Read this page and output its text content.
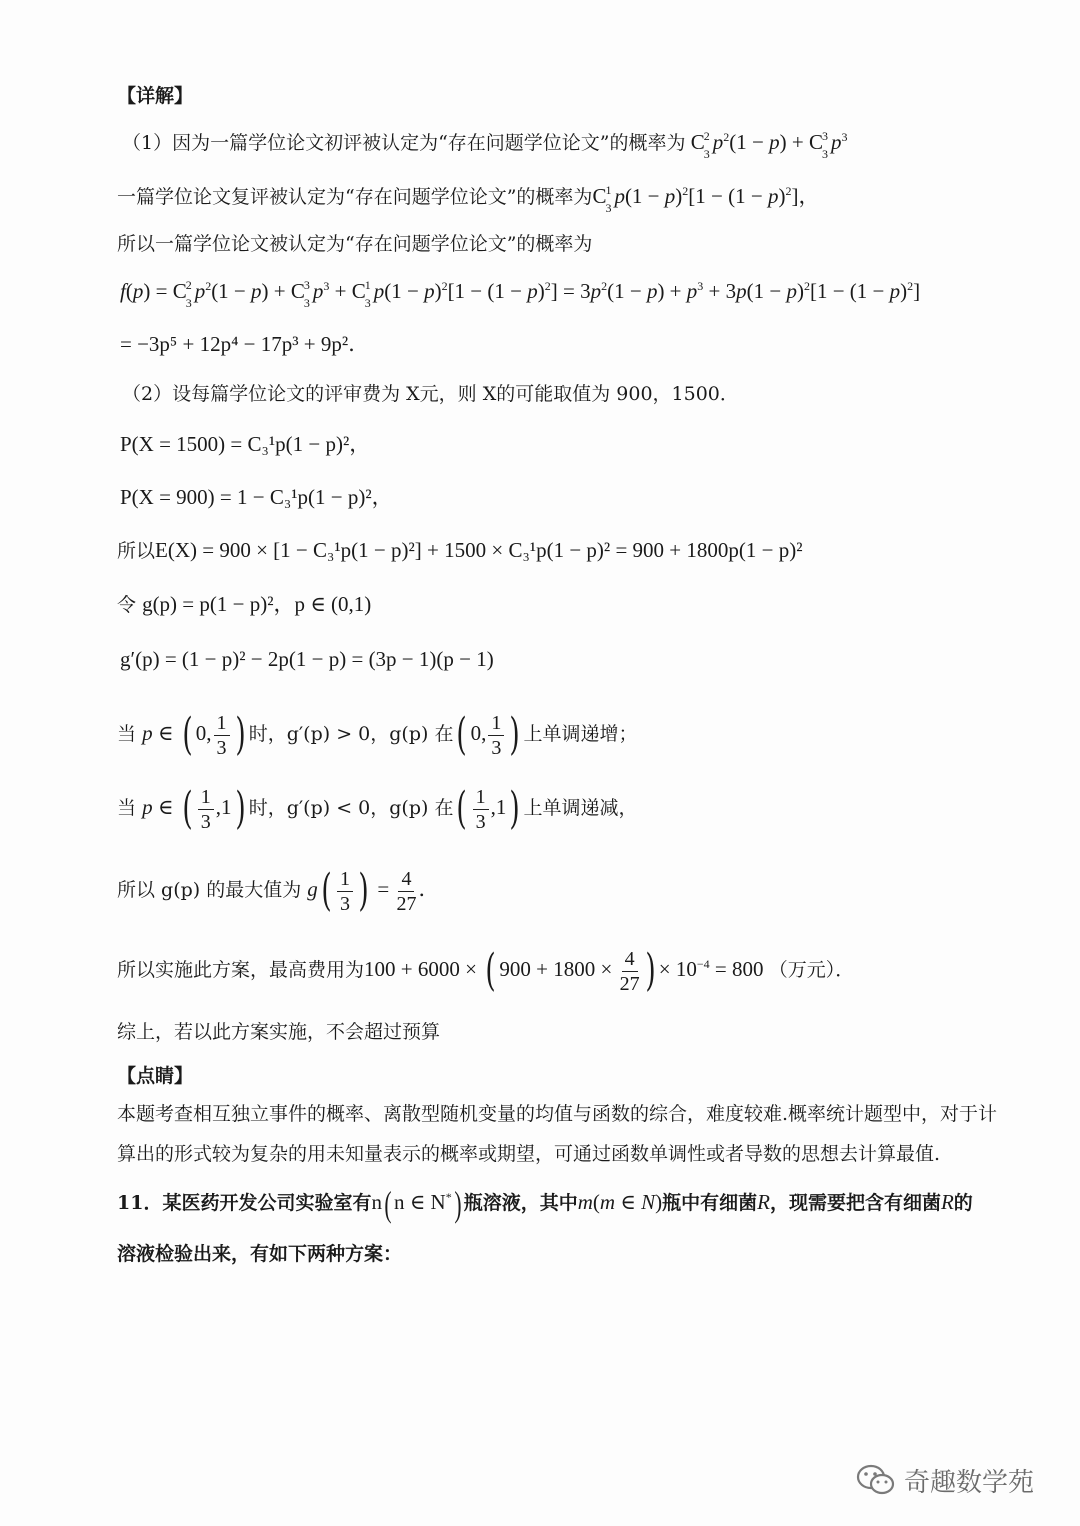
【详解】
（1）因为一篇学位论文初评被认定为“存在问题学位论文”的概率为 C
2
3 $p^2(1 - p) + C$
3
3 $p^3$
一篇学位论文复评被认定为“存在问题学位论文”的概率为 C
1
3 $p(1 - p)^2[1 - (1 - p)^2]$，
所以一篇学位论文被认定为“存在问题学位论文”的概率为
f(p) = C
2
3 $p^2(1 - p) + C$
3
3 $p^3 + C$
1
3 $p(1 - p)^2[1 - (1 - p)^2] = 3p^2(1 - p) + p^3 + 3p(1 - p)^2[1 - (1 - p)^2]$
= −3p⁵ + 12p⁴ − 17p³ + 9p²．
（2）设每篇学位论文的评审费为 X元，则 X的可能取值为 900，1500．
P(X = 1500) = C₃¹p(1 − p)²，
P(X = 900) = 1 − C₃¹p(1 − p)²，
所以E(X) = 900 × [1 − C₃¹p(1 − p)²] + 1500 × C₃¹p(1 − p)² = 900 + 1800p(1 − p)²
令 g(p) = p(1 − p)²，p ∈ (0,1)
g′(p) = (1 − p)² − 2p(1 − p) = (3p − 1)(p − 1)
当 p ∈ ( 0, $\frac{1}{3}$ ) 时，g′(p) > 0，g(p) 在( 0, $\frac{1}{3}$ ) 上单调递增；
当 p ∈ ( $\frac{1}{3} ,1$) 时，g′(p) < 0，g(p) 在( $\frac{1}{3} ,1$) 上单调递减，
所以 g(p) 的最大值为 $g( \frac{1}{3}$ ) = $\frac{4}{27}$ ．
所以实施此方案，最高费用为100 + 6000 × ( $900 + 1800 \times \frac{4}{27}$ ) × $10^{-4} = 800$ （万元）．
综上，若以此方案实施，不会超过预算
【点睛】
本题考查相互独立事件的概率、离散型随机变量的均值与函数的综合，难度较难.概率统计题型中，对于计
算出的形式较为复杂的用未知量表示的概率或期望，可通过函数单调性或者导数的思想去计算最值.
11．某医药开发公司实验室有n( n ∈ N*) 瓶溶液，其中m(m ∈ N)瓶中有细菌R，现需要把含有细菌R的
溶液检验出来，有如下两种方案：
奇趣数学苑
